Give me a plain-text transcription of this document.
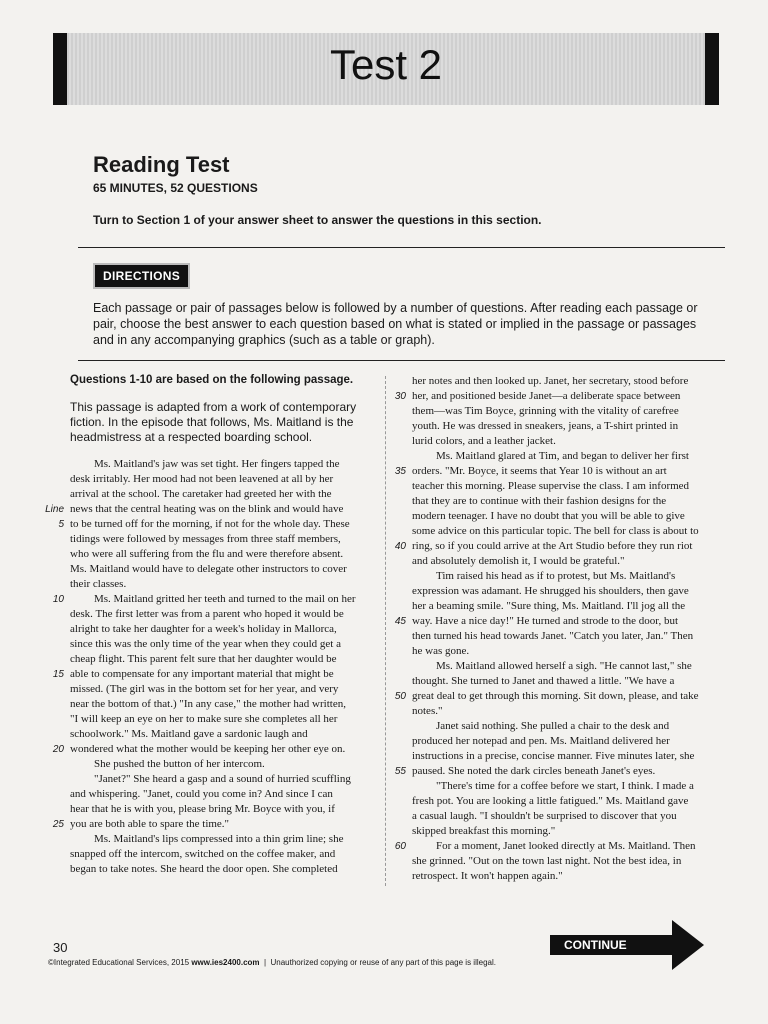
Test 2
Reading Test
65 MINUTES, 52 QUESTIONS
Turn to Section 1 of your answer sheet to answer the questions in this section.
DIRECTIONS
Each passage or pair of passages below is followed by a number of questions. After reading each passage or pair, choose the best answer to each question based on what is stated or implied in the passage or passages and in any accompanying graphics (such as a table or graph).

Questions 1-10 are based on the following passage.

This passage is adapted from a work of contemporary fiction. In the episode that follows, Ms. Maitland is the headmistress at a respected boarding school.

Ms. Maitland's jaw was set tight. Her fingers tapped the
desk irritably. Her mood had not been leavened at all by her
arrival at the school. The caretaker had greeted her with the
Line news that the central heating was on the blink and would have
5 to be turned off for the morning, if not for the whole day. These
tidings were followed by messages from three staff members,
who were all suffering from the flu and were therefore absent.
Ms. Maitland would have to delegate other instructors to cover
their classes.
10	Ms. Maitland gritted her teeth and turned to the mail on her
desk. The first letter was from a parent who hoped it would be
alright to take her daughter for a week's holiday in Mallorca,
since this was the only time of the year when they could get a
cheap flight. This parent felt sure that her daughter would be
15 able to compensate for any important material that might be
missed. (The girl was in the bottom set for her year, and very
near the bottom of that.) "In any case," the mother had written,
"I will keep an eye on her to make sure she completes all her
schoolwork." Ms. Maitland gave a sardonic laugh and
20 wondered what the mother would be keeping her other eye on.
She pushed the button of her intercom.
"Janet?" She heard a gasp and a sound of hurried scuffling
and whispering. "Janet, could you come in? And since I can
hear that he is with you, please bring Mr. Boyce with you, if
25 you are both able to spare the time."
Ms. Maitland's lips compressed into a thin grim line; she
snapped off the intercom, switched on the coffee maker, and
began to take notes. She heard the door open. She completed
her notes and then looked up. Janet, her secretary, stood before
30 her, and positioned beside Janet—a deliberate space between
them—was Tim Boyce, grinning with the vitality of carefree
youth. He was dressed in sneakers, jeans, a T-shirt printed in
lurid colors, and a leather jacket.
Ms. Maitland glared at Tim, and began to deliver her first
35 orders. "Mr. Boyce, it seems that Year 10 is without an art
teacher this morning. Please supervise the class. I am informed
that they are to continue with their fashion designs for the
modern teenager. I have no doubt that you will be able to give
some advice on this particular topic. The bell for class is about to
40 ring, so if you could arrive at the Art Studio before they run riot
and absolutely demolish it, I would be grateful."
Tim raised his head as if to protest, but Ms. Maitland's
expression was adamant. He shrugged his shoulders, then gave
her a beaming smile. "Sure thing, Ms. Maitland. I'll jog all the
45 way. Have a nice day!" He turned and strode to the door, but
then turned his head towards Janet. "Catch you later, Jan." Then
he was gone.
Ms. Maitland allowed herself a sigh. "He cannot last," she
thought. She turned to Janet and thawed a little. "We have a
50 great deal to get through this morning. Sit down, please, and take
notes."
Janet said nothing. She pulled a chair to the desk and
produced her notepad and pen. Ms. Maitland delivered her
instructions in a precise, concise manner. Five minutes later, she
55 paused. She noted the dark circles beneath Janet's eyes.
"There's time for a coffee before we start, I think. I made a
fresh pot. You are looking a little fatigued." Ms. Maitland gave
a casual laugh. "I shouldn't be surprised to discover that you
skipped breakfast this morning."
60	For a moment, Janet looked directly at Ms. Maitland. Then
she grinned. "Out on the town last night. Not the best idea, in
retrospect. It won't happen again."
30
©Integrated Educational Services, 2015 www.ies2400.com | Unauthorized copying or reuse of any part of this page is illegal.
CONTINUE
